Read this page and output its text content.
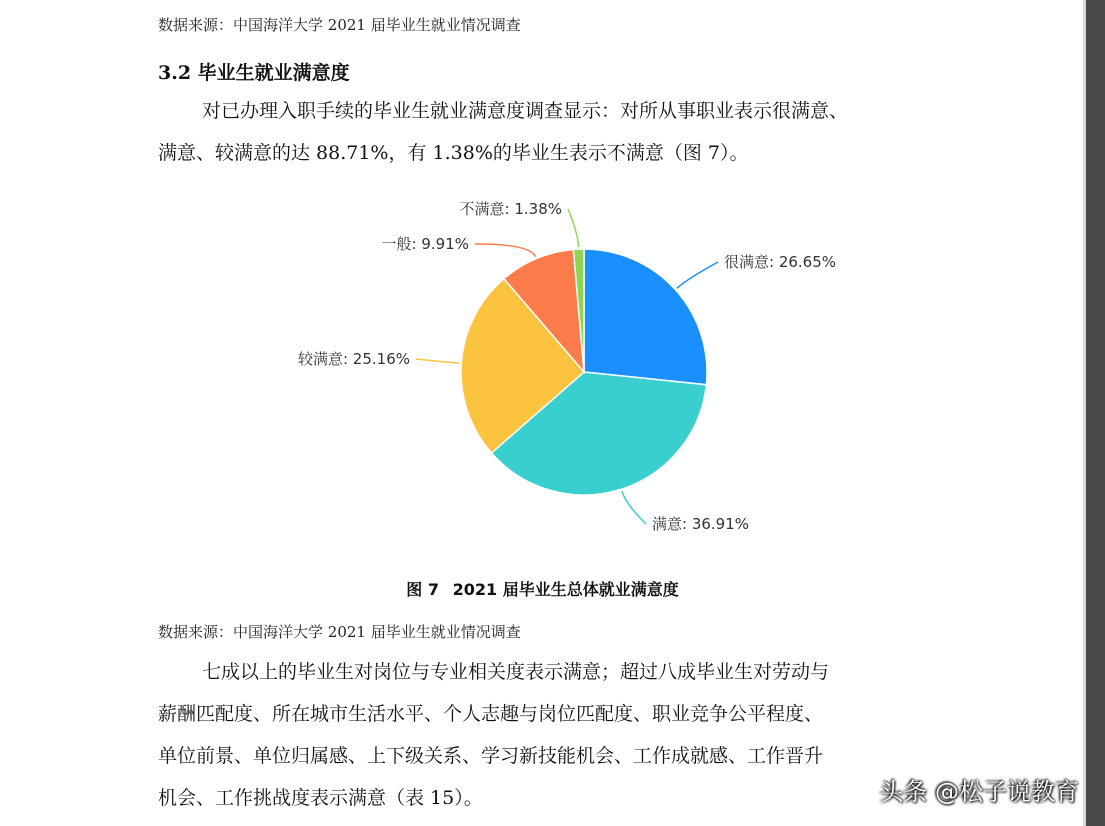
数据来源：中国海洋大学 2021 届毕业生就业情况调查
3.2 毕业生就业满意度
对已办理入职手续的毕业生就业满意度调查显示：对所从事职业表示很满意、
满意、较满意的达 88.71%，有 1.38%的毕业生表示不满意（图 7）。
很满意: 26.65%
满意: 36.91%
较满意: 25.16%
一般: 9.91%
不满意: 1.38%
图 7 2021 届毕业生总体就业满意度
数据来源：中国海洋大学 2021 届毕业生就业情况调查
七成以上的毕业生对岗位与专业相关度表示满意；超过八成毕业生对劳动与
薪酬匹配度、所在城市生活水平、个人志趣与岗位匹配度、职业竞争公平程度、
单位前景、单位归属感、上下级关系、学习新技能机会、工作成就感、工作晋升
机会、工作挑战度表示满意（表 15）。	头条 @松子说教育
